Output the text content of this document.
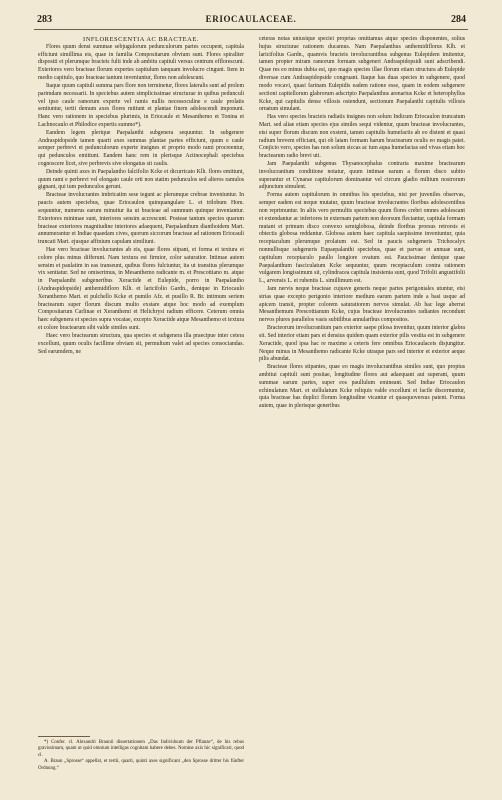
283	ERIOCAULACEAE.	284

INFLORESCENTIA AC BRACTEAE.

Flores quum densi summae sebjugulorum pedunculorum partes occupent, capitula efficiunt simillima eis, quae in familia Compositarum obvium sunt. Flores spiraliter dispositi et plerumque bracteis fulti inde ab ambitu capituli versus centrum efflorescunt. Exteriores vero bracteae florum expertes capitulum tanquam involucro cingunt. Item in medio capitulo, quo bracteae tantum inveniuntur, flores non adolescunt.

Itaque quum capituli summa pars flore non terminetur, flores lateralis sunt ad prolem parimdam necessarii. In speciebus autem simplicissimae structurae in quibus pedunculi vel ipso caule ramorum experte vel ramis nullis necessoculine e caule prolatis sentiuntur, tertii demum axes flores mittunt et plantae finem adolescendi imponunt. Hanc vero rationem in speciebus plurimis, in Eriocaule et Mesanthemo et Tonina et Lachnocaulo et Philodice expertis summo*).

Eandem legem plerique Paepalanthi subgenera sequuntur. In subgenere Andraspidopside tamen quarti axes summas plantae partes efficiunt, quum e caule semper perbrevi et pedunculorum experte insignes et proprio modo rami procreentur, qui pedunculos emittunt. Eandem hanc rem in plerisque Actinocephali speciebus cognoscere licet, sive perbrevis sive elongatus sit caulis.

Deinde quinti axes in Paepalantho falcifolio Kcke et dicurricato Klh. flores emittunt, quum rami e perbrevi vel elongato caule orti non statim pedunculos sed alteros ramulos gignant, qui tum pedunculos gerunt.

Bracteae involucrantes imbricatim sese tegunt ac plerumque crebrae inveniuntur. In paucis autem speciebus, quae Eriocaulon quinquangulare L. et trilobum Hom. sequuntur, numerus earum minuitur ita ut bracteae ad summum quinque inveniantur. Exteriores minimae sunt, interiores sensim accrescunt. Posteae tantum species quarum bracteae exteriores magnitudine interiores adaequent, Paepalanthum dianthoidem Mart. annumerantur et Indiae quaedam cives, quorum siccorum bracteae ad rationem Eriocauli truncati Mart. ejusque affinium capulam similiunt.

Hae vero bracteae involucrantes ab eis, quae flores stipant, et forma et textura et colore plus minus differunt. Nam textura est firmior, color saturatior. Intimae autem sensim et paulatim in eas transeunt, quibus flores fulciuntur, ita ut transitus plerumque vix sentiatur. Sed ne omiserimus, in Mesanthemo radicante m. et Prescottiano m. atque in Paepalanthi subgeneribus Xeractide et Eulepide, porro in Paepalantho (Andraspidopside) anthemidiflorо Klh. et laricifolio Gardn., denique in Eriocaulo Xeranthemo Mart. et pulchello Kcke et pumilo Afz. et pusillo R. Br. intimum seriem bractearum super florum discum multo exstare atque hoc modo ad exemplum Compositarum Carlinae et Xeranthemi et Helichrysi radium efficere. Ceterum omnia haec subgenera et species supra vocatae, excepto Xeractide atque Mesanthemo et textura et colore bractearum sibi valde similes sunt.

Haec vero bractearum structura, qua species et subgenera illa praecipue inter cetera excellunt, quum oculis facillime obviam sit, permultum valet ad species consociandas. Sed earumdem, ne

ceteras notas uniusique speciei proprias omittamus atque species disponentes, solius hujus structurae rationem ducamus. Nam Paepalanthus anthemidiflorus Klh. et laricifolius Gardn., quamvis bracteis involucrantibus subgenus Eulepidem imitentur, tamen propter miram ramorum formam subgeneri Andraspidopsidi sunt adscribendi. Quae res eo minus dubia est, quo magis species illae florum etiam structura ab Eulepide diversae cum Andraspidopside congruant. Itaque has duas species in subgenere, quod modo vocavi, quasi farinam Eulepidis eadem ratione esse, quam in eodem subgenere sectioni capitellorum glabrorum adscripto Paepalanthus arenarius Kcke et heterophyllus Kcke, qui capitulis dense villosis ostendunt, sectionum Paepalanthi capitulis villosis ornatum simulant.

Has vero species bracteis radiatis insignes non solum Indicum Eriocaulon truncatum Mart. sed aliae etiam species ejus similes sequi videntur, quum bracteae involucrantes, etsi super florum discum non exstent, tamen capitulis humefactis ab eo distent et quasi radium brevem efficiant, qui ob latam formam harum bractearum oculis eo magis patet. Conjicio vero, species has non solum siccas ac tum aqua humefactas sed vivas etiam hoc bractearum radio brevi uti.

Jam Paepalanthi subgenus Thysanocephalus contraria maxime bractearum involucrantium conditione notatur, quum intimae earum a florum disco subito superantur et Cynarae capitulorum dominantur vel circum gladio militum nostrorum adjunctum simulent.

Forma autem capitulorum in omnibus his speciebus, nisi per juveniles observas, semper eadem est neque mutatur, quum bracteae involucrantes floribus adolescentibus non reprimuntur. In aliis vero permultis speciebus quum flores crebri omnes adolescant et extendantur ac inferiores in externam partem non deorsum flectantur, capitula formam mutant et primum disco convexo semiglobosa, deinde floribus prorsus retrorsis et obtectis globosa reddantur. Globosa autem haec capitula saepissime inveniuntur, quia receptaculum plerumque prolatum est. Sed in paucis subgeneris Trichocalyx nonnullisque subgeneris Eupaepalanthi speciebus, quae et parvae et annuae sunt, capitulum receptaculo paullo longiore ovatum est. Paucissimae denique quae Paepalanthum fasciculatum Kcke sequuntur, quum receptaculum contra rationem vulgarem longissimum sit, cylindracea capitula insistenta sunt, quod Trifolii angustifolii L., arvensis L. et rubentis L. simillimum est.

Jam nervis neque bracteae cujusve generis neque partes perigoniales utuntur, etsi strias quae excepto perigonio interiore medium earum partem inde a basi usque ad apicem transit, propter colorem saturatiorem nervos simulat. Ab hac lege aberrat Mesanthemum Prescottianum Kcke, cujus bracteae involucrantes radiantes recondunt nervos plures parallelos vasis subtilibus annularibus compositos.

Bracteorum involucrantium pars exterior saepe pilosa invenitur, quum interior glabra sit. Sed interior etiam pars et densius quidem quam exterior pilis vestita est in subgenere Xeractide, quod ipsa hac re maxime a ceteris fere omnibus Eriocaulaceis disjungitur. Neque minus in Mesanthemo radicante Kcke utraque pars sed interior et exterior aeque pilis abundat.

Bracteae flores stipantes, quae eo magis involucrantibus similes sunt, quo propius ambitui capituli sunt positae, longitudine flores aut adaequant aut superant, quum summae earum partes, super eos paullulum emineant. Sed Indiae Eriocaulon echinulatum Mart. et stellulatum Kcke reliquis valde excellunt et facile discernuntur, quia bracteae has duplici florum longitudine vicantur et quasquoversus patent. Forma autem, quae in plerisque generibus

*) Confer. cl. Alexandri Braunii dissertationem „Das Individuum der Pflanze“, de his rebus gravissimam, quam ut quid omnium intelligas cognitam habere debes. Nomine axis hic significari, quod cl.

A. Braun „Sprosse“ appellat, et tertii, quarti, quinti axes significant „den Sprosse dritter bis fünfter Ordnung.“
